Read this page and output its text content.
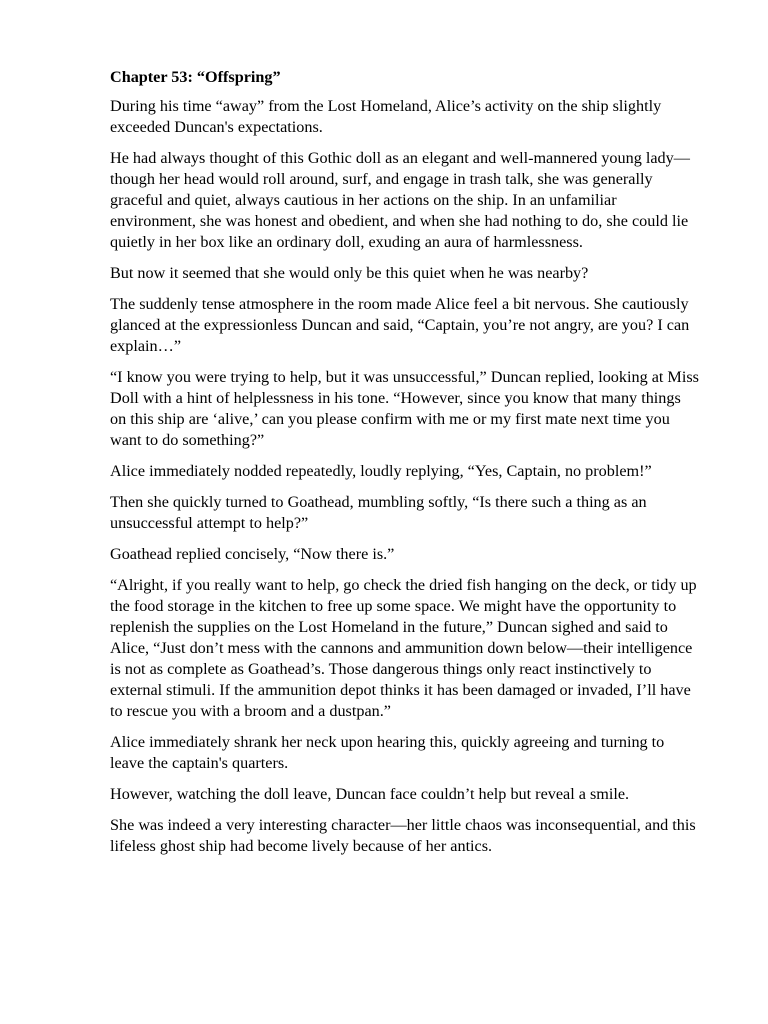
Chapter 53: “Offspring”

During his time “away” from the Lost Homeland, Alice’s activity on the ship slightly exceeded Duncan's expectations.

He had always thought of this Gothic doll as an elegant and well-mannered young lady—though her head would roll around, surf, and engage in trash talk, she was generally graceful and quiet, always cautious in her actions on the ship. In an unfamiliar environment, she was honest and obedient, and when she had nothing to do, she could lie quietly in her box like an ordinary doll, exuding an aura of harmlessness.

But now it seemed that she would only be this quiet when he was nearby?

The suddenly tense atmosphere in the room made Alice feel a bit nervous. She cautiously glanced at the expressionless Duncan and said, “Captain, you’re not angry, are you? I can explain…”

“I know you were trying to help, but it was unsuccessful,” Duncan replied, looking at Miss Doll with a hint of helplessness in his tone. “However, since you know that many things on this ship are ‘alive,’ can you please confirm with me or my first mate next time you want to do something?”

Alice immediately nodded repeatedly, loudly replying, “Yes, Captain, no problem!”

Then she quickly turned to Goathead, mumbling softly, “Is there such a thing as an unsuccessful attempt to help?”

Goathead replied concisely, “Now there is.”

“Alright, if you really want to help, go check the dried fish hanging on the deck, or tidy up the food storage in the kitchen to free up some space. We might have the opportunity to replenish the supplies on the Lost Homeland in the future,” Duncan sighed and said to Alice, “Just don’t mess with the cannons and ammunition down below—their intelligence is not as complete as Goathead’s. Those dangerous things only react instinctively to external stimuli. If the ammunition depot thinks it has been damaged or invaded, I’ll have to rescue you with a broom and a dustpan.”

Alice immediately shrank her neck upon hearing this, quickly agreeing and turning to leave the captain's quarters.

However, watching the doll leave, Duncan face couldn’t help but reveal a smile.

She was indeed a very interesting character—her little chaos was inconsequential, and this lifeless ghost ship had become lively because of her antics.
